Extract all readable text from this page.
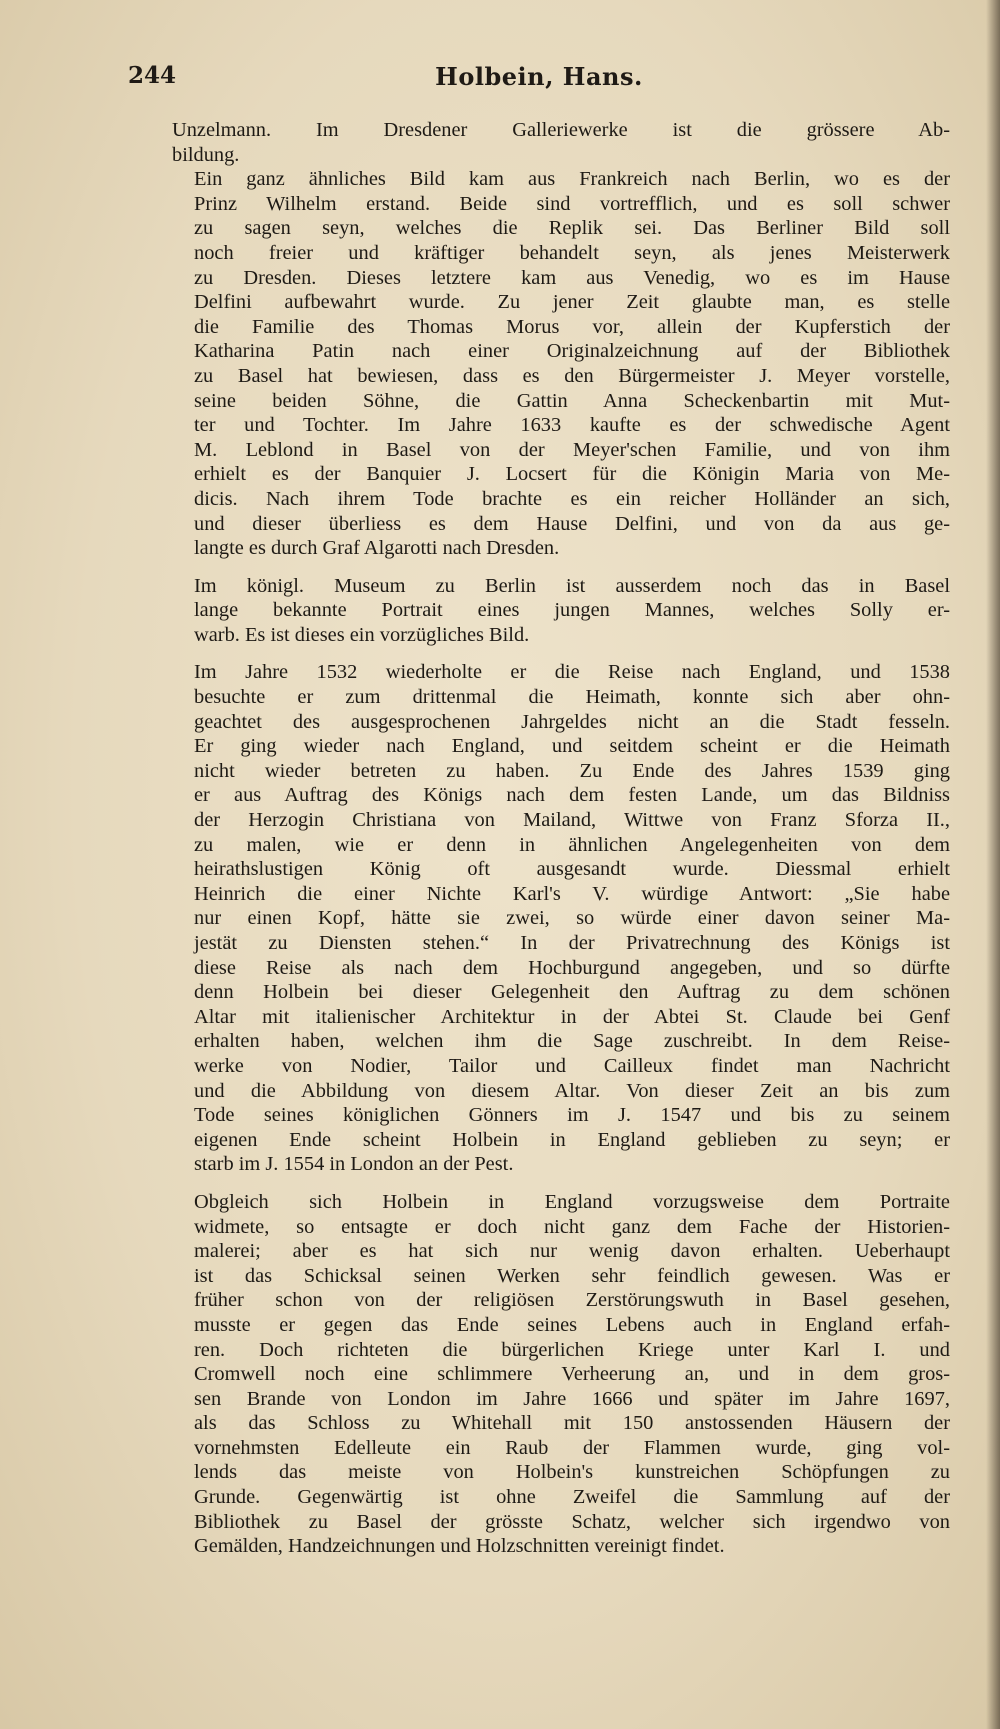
244	Holbein, Hans.

Unzelmann. Im Dresdener Galleriewerke ist die grössere Ab-
bildung.

Ein ganz ähnliches Bild kam aus Frankreich nach Berlin, wo es der
Prinz Wilhelm erstand. Beide sind vortrefflich, und es soll schwer
zu sagen seyn, welches die Replik sei. Das Berliner Bild soll
noch freier und kräftiger behandelt seyn, als jenes Meisterwerk
zu Dresden. Dieses letztere kam aus Venedig, wo es im Hause
Delfini aufbewahrt wurde. Zu jener Zeit glaubte man, es stelle
die Familie des Thomas Morus vor, allein der Kupferstich der
Katharina Patin nach einer Originalzeichnung auf der Bibliothek
zu Basel hat bewiesen, dass es den Bürgermeister J. Meyer vorstelle,
seine beiden Söhne, die Gattin Anna Scheckenbartin mit Mut-
ter und Tochter. Im Jahre 1633 kaufte es der schwedische Agent
M. Leblond in Basel von der Meyer'schen Familie, und von ihm
erhielt es der Banquier J. Locsert für die Königin Maria von Me-
dicis. Nach ihrem Tode brachte es ein reicher Holländer an sich,
und dieser überliess es dem Hause Delfini, und von da aus ge-
langte es durch Graf Algarotti nach Dresden.

Im königl. Museum zu Berlin ist ausserdem noch das in Basel
lange bekannte Portrait eines jungen Mannes, welches Solly er-
warb. Es ist dieses ein vorzügliches Bild.

Im Jahre 1532 wiederholte er die Reise nach England, und 1538
besuchte er zum drittenmal die Heimath, konnte sich aber ohn-
geachtet des ausgesprochenen Jahrgeldes nicht an die Stadt fesseln.
Er ging wieder nach England, und seitdem scheint er die Heimath
nicht wieder betreten zu haben. Zu Ende des Jahres 1539 ging
er aus Auftrag des Königs nach dem festen Lande, um das Bildniss
der Herzogin Christiana von Mailand, Wittwe von Franz Sforza II.,
zu malen, wie er denn in ähnlichen Angelegenheiten von dem
heirathslustigen König oft ausgesandt wurde. Diessmal erhielt
Heinrich die einer Nichte Karl's V. würdige Antwort: „Sie habe
nur einen Kopf, hätte sie zwei, so würde einer davon seiner Ma-
jestät zu Diensten stehen.“ In der Privatrechnung des Königs ist
diese Reise als nach dem Hochburgund angegeben, und so dürfte
denn Holbein bei dieser Gelegenheit den Auftrag zu dem schönen
Altar mit italienischer Architektur in der Abtei St. Claude bei Genf
erhalten haben, welchen ihm die Sage zuschreibt. In dem Reise-
werke von Nodier, Tailor und Cailleux findet man Nachricht
und die Abbildung von diesem Altar. Von dieser Zeit an bis zum
Tode seines königlichen Gönners im J. 1547 und bis zu seinem
eigenen Ende scheint Holbein in England geblieben zu seyn; er
starb im J. 1554 in London an der Pest.

Obgleich sich Holbein in England vorzugsweise dem Portraite
widmete, so entsagte er doch nicht ganz dem Fache der Historien-
malerei; aber es hat sich nur wenig davon erhalten. Ueberhaupt
ist das Schicksal seinen Werken sehr feindlich gewesen. Was er
früher schon von der religiösen Zerstörungswuth in Basel gesehen,
musste er gegen das Ende seines Lebens auch in England erfah-
ren. Doch richteten die bürgerlichen Kriege unter Karl I. und
Cromwell noch eine schlimmere Verheerung an, und in dem gros-
sen Brande von London im Jahre 1666 und später im Jahre 1697,
als das Schloss zu Whitehall mit 150 anstossenden Häusern der
vornehmsten Edelleute ein Raub der Flammen wurde, ging vol-
lends das meiste von Holbein's kunstreichen Schöpfungen zu
Grunde. Gegenwärtig ist ohne Zweifel die Sammlung auf der
Bibliothek zu Basel der grösste Schatz, welcher sich irgendwo von
Gemälden, Handzeichnungen und Holzschnitten vereinigt findet.
